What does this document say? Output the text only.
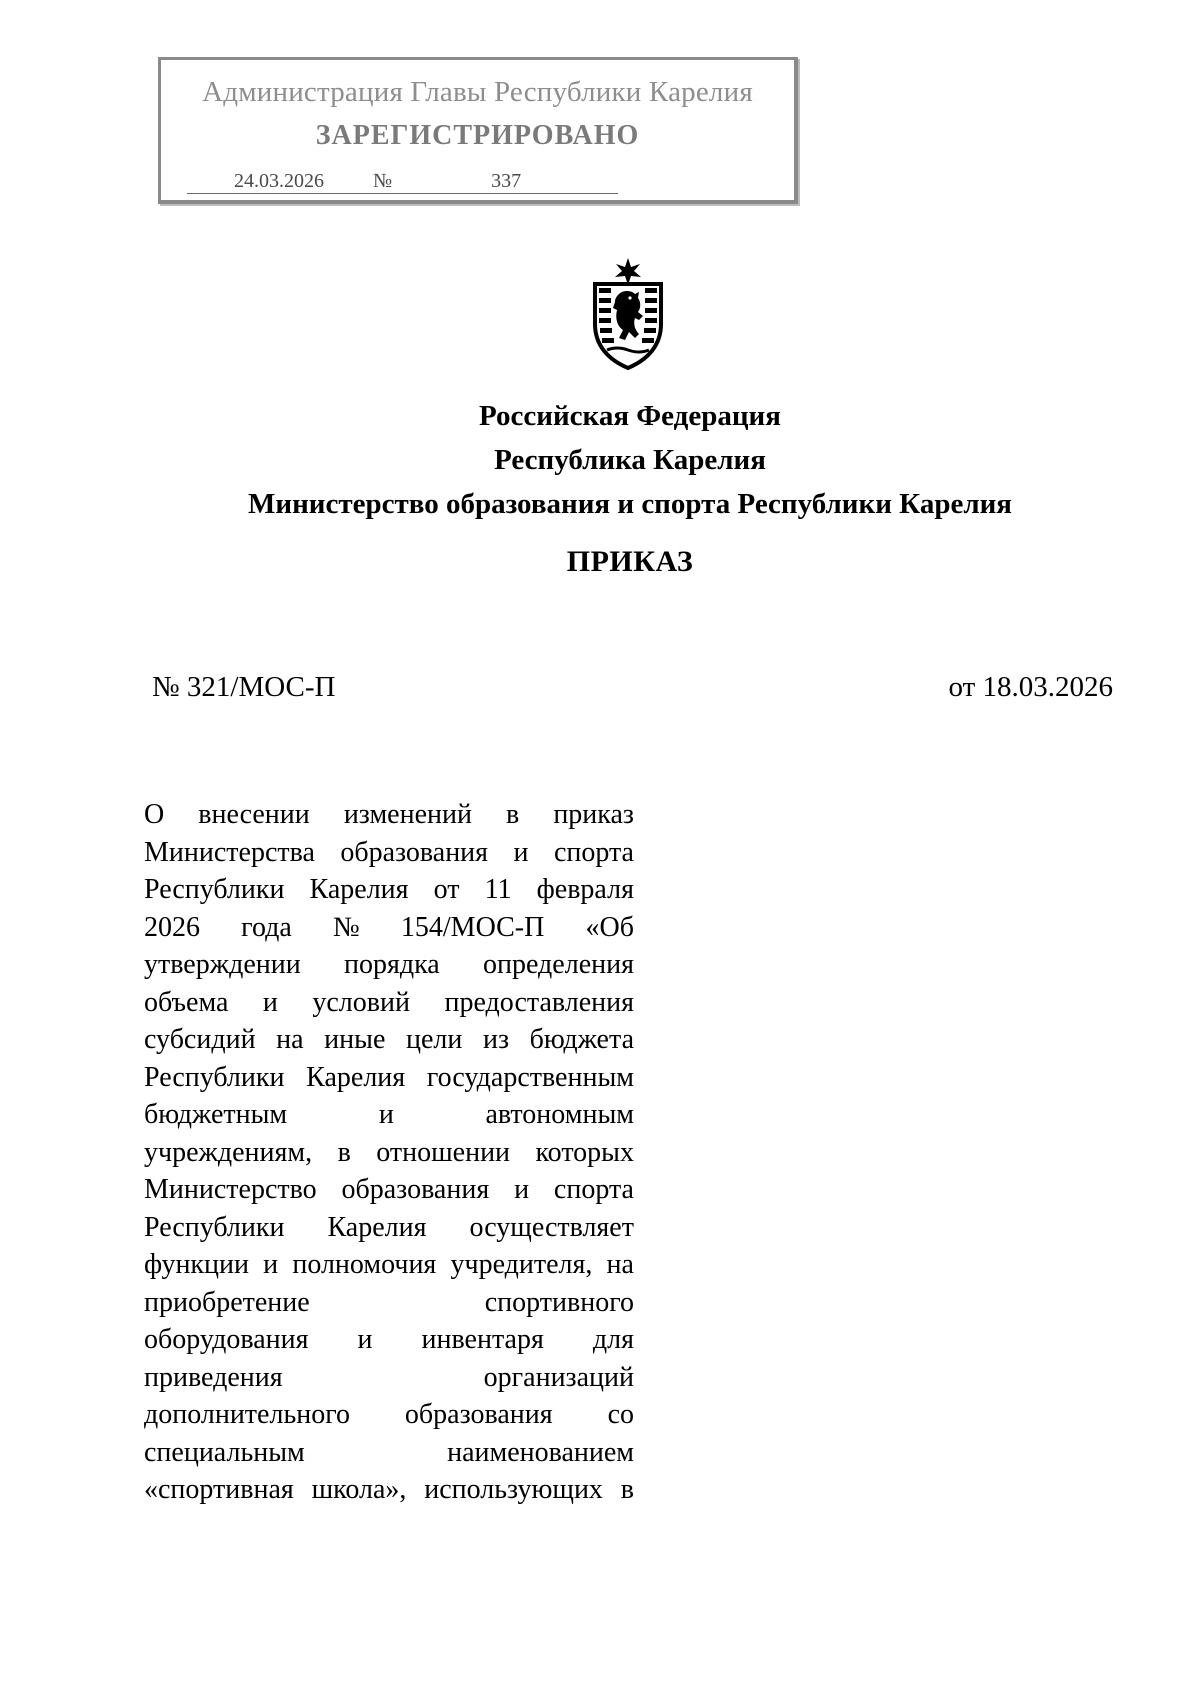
Администрация Главы Республики Карелия
ЗАРЕГИСТРИРОВАНО
24.03.2026 №	337
Российская Федерация
Республика Карелия
Министерство образования и спорта Республики Карелия
ПРИКАЗ
№ 321/МОС-П	от 18.03.2026
О внесении изменений в приказ
Министерства образования и спорта
Республики Карелия от 11 февраля
2026 года № 154/МОС-П «Об
утверждении порядка определения
объема и условий предоставления
субсидий на иные цели из бюджета
Республики Карелия государственным
бюджетным	и	автономным
учреждениям, в отношении которых
Министерство образования и спорта
Республики Карелия осуществляет
функции и полномочия учредителя, на
приобретение	спортивного
оборудования и инвентаря для
приведения	организаций
дополнительного образования со
специальным	наименованием
«спортивная школа», использующих в
